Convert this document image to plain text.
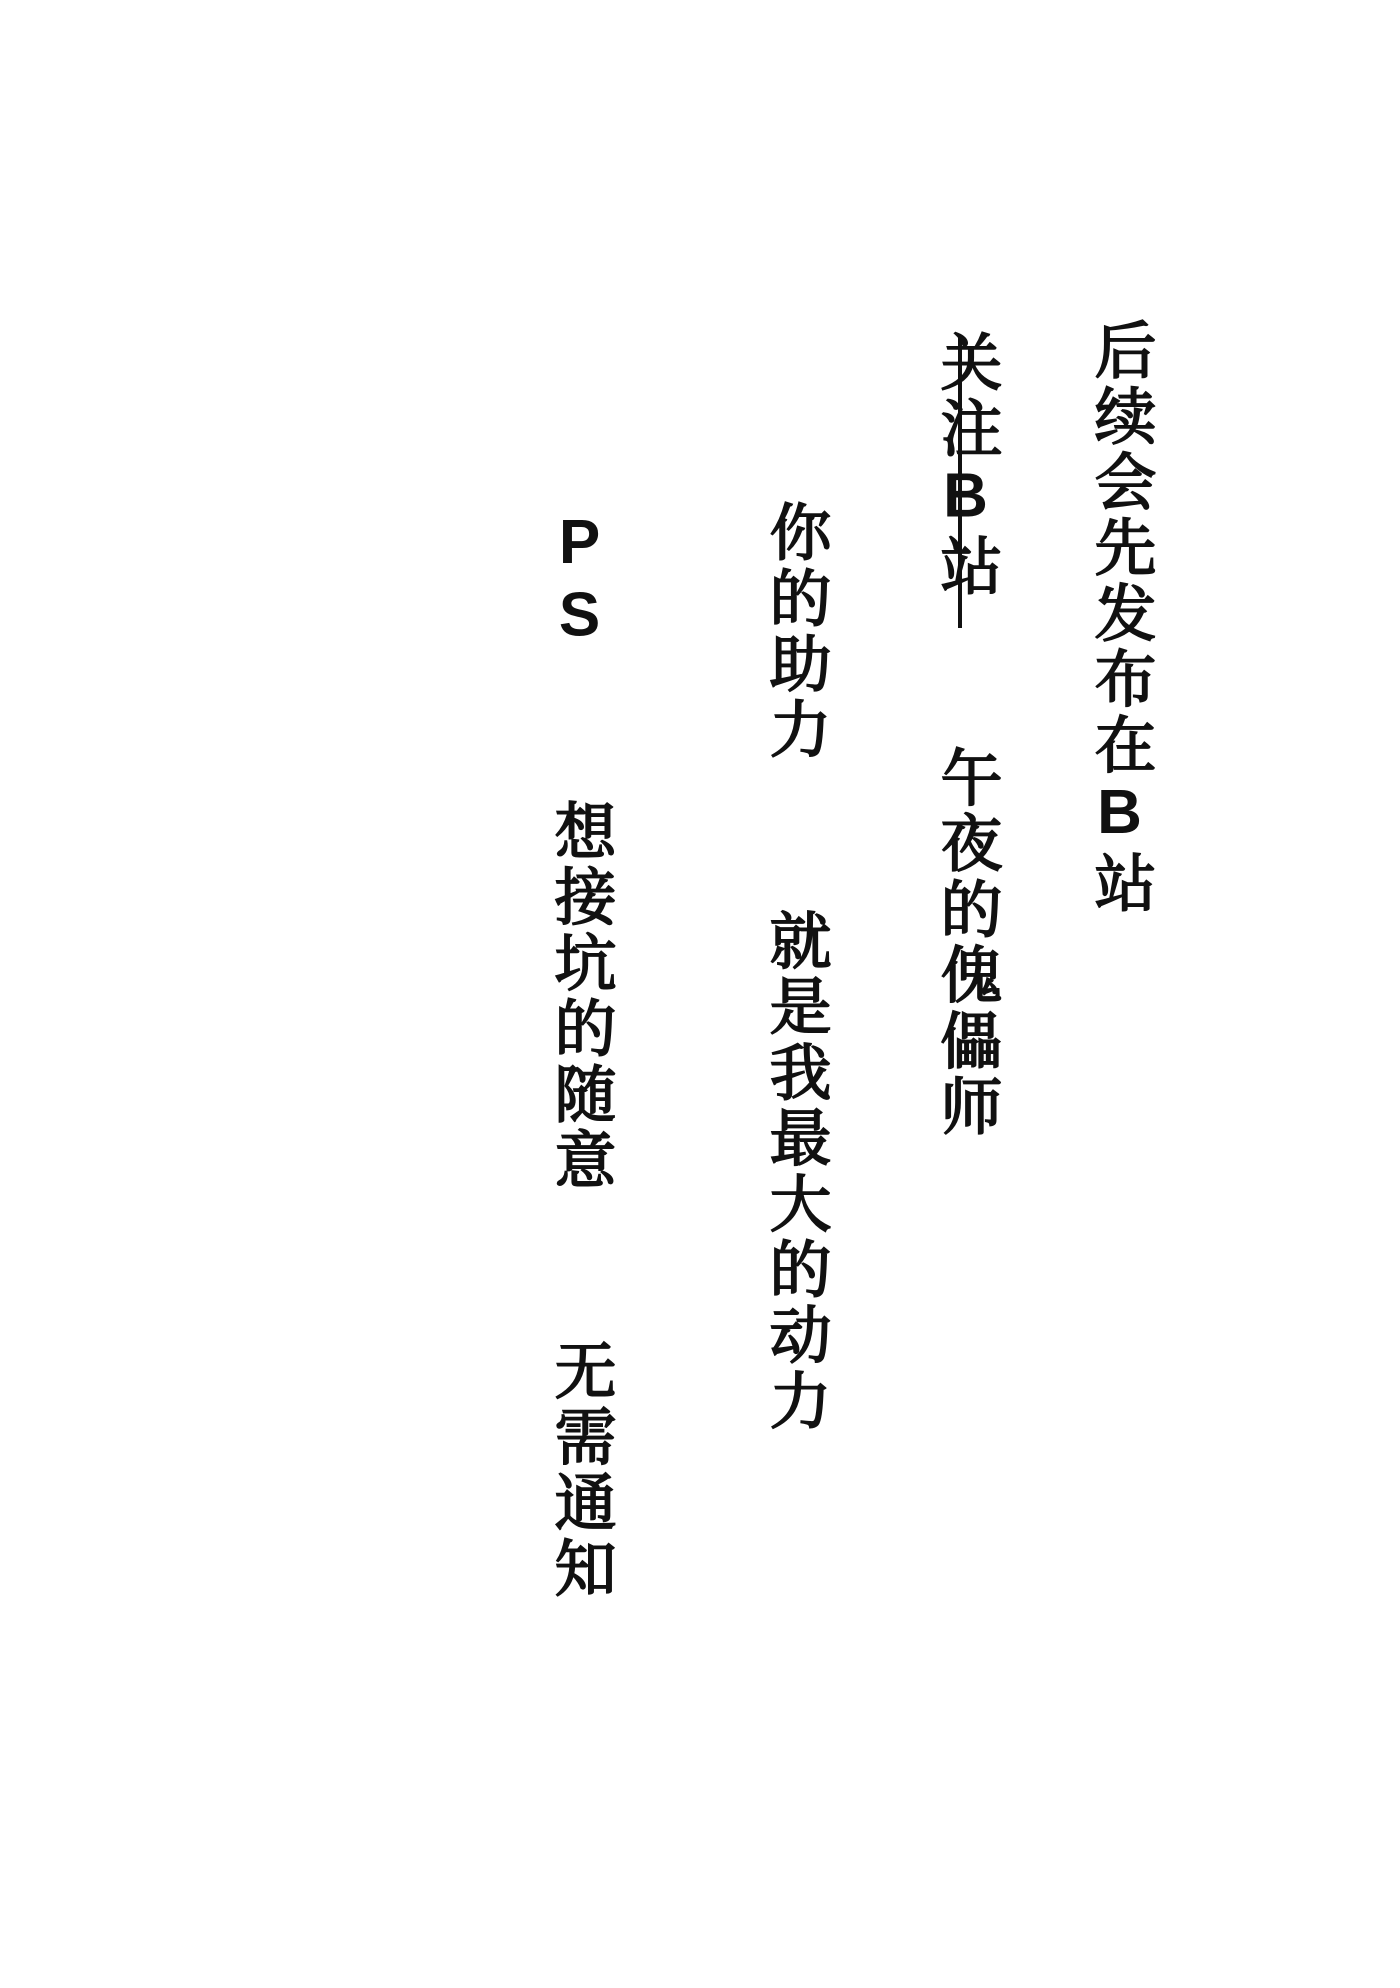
后续会先发布在B站
关注B站  午夜的傀儡师
你的助力  就是我最大的动力
PS  想接坑的随意  无需通知
